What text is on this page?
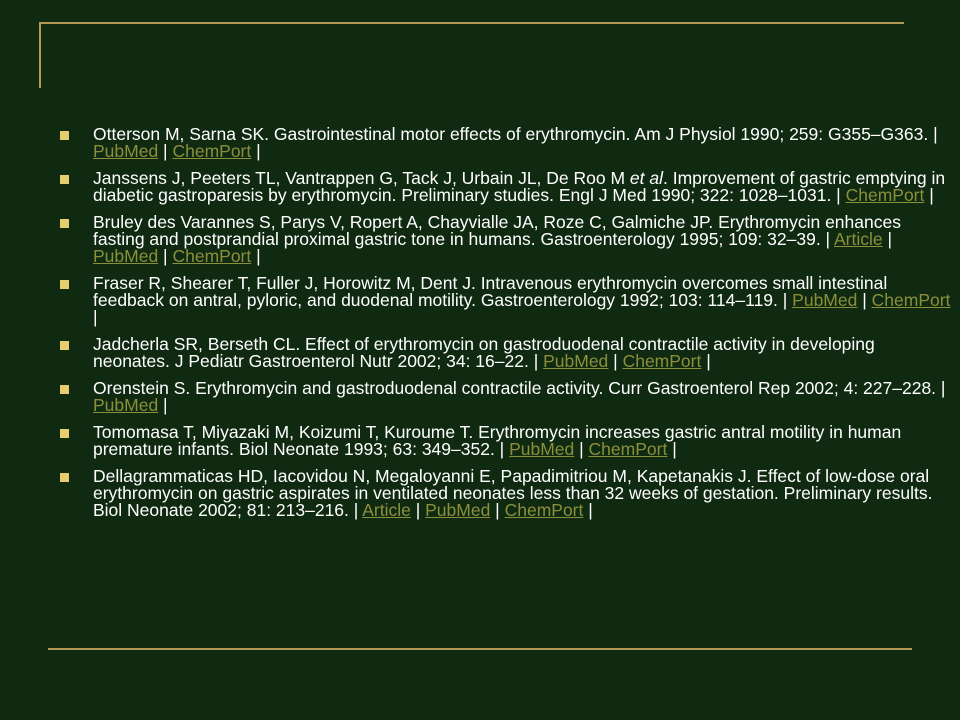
Otterson M, Sarna SK. Gastrointestinal motor effects of erythromycin. Am J Physiol 1990; 259: G355–G363. | PubMed | ChemPort |
Janssens J, Peeters TL, Vantrappen G, Tack J, Urbain JL, De Roo M et al. Improvement of gastric emptying in diabetic gastroparesis by erythromycin. Preliminary studies. Engl J Med 1990; 322: 1028–1031. | ChemPort |
Bruley des Varannes S, Parys V, Ropert A, Chayvialle JA, Roze C, Galmiche JP. Erythromycin enhances fasting and postprandial proximal gastric tone in humans. Gastroenterology 1995; 109: 32–39. | Article | PubMed | ChemPort |
Fraser R, Shearer T, Fuller J, Horowitz M, Dent J. Intravenous erythromycin overcomes small intestinal feedback on antral, pyloric, and duodenal motility. Gastroenterology 1992; 103: 114–119. | PubMed | ChemPort |
Jadcherla SR, Berseth CL. Effect of erythromycin on gastroduodenal contractile activity in developing neonates. J Pediatr Gastroenterol Nutr 2002; 34: 16–22. | PubMed | ChemPort |
Orenstein S. Erythromycin and gastroduodenal contractile activity. Curr Gastroenterol Rep 2002; 4: 227–228. | PubMed |
Tomomasa T, Miyazaki M, Koizumi T, Kuroume T. Erythromycin increases gastric antral motility in human premature infants. Biol Neonate 1993; 63: 349–352. | PubMed | ChemPort |
Dellagrammaticas HD, Iacovidou N, Megaloyanni E, Papadimitriou M, Kapetanakis J. Effect of low-dose oral erythromycin on gastric aspirates in ventilated neonates less than 32 weeks of gestation. Preliminary results. Biol Neonate 2002; 81: 213–216. | Article | PubMed | ChemPort |
